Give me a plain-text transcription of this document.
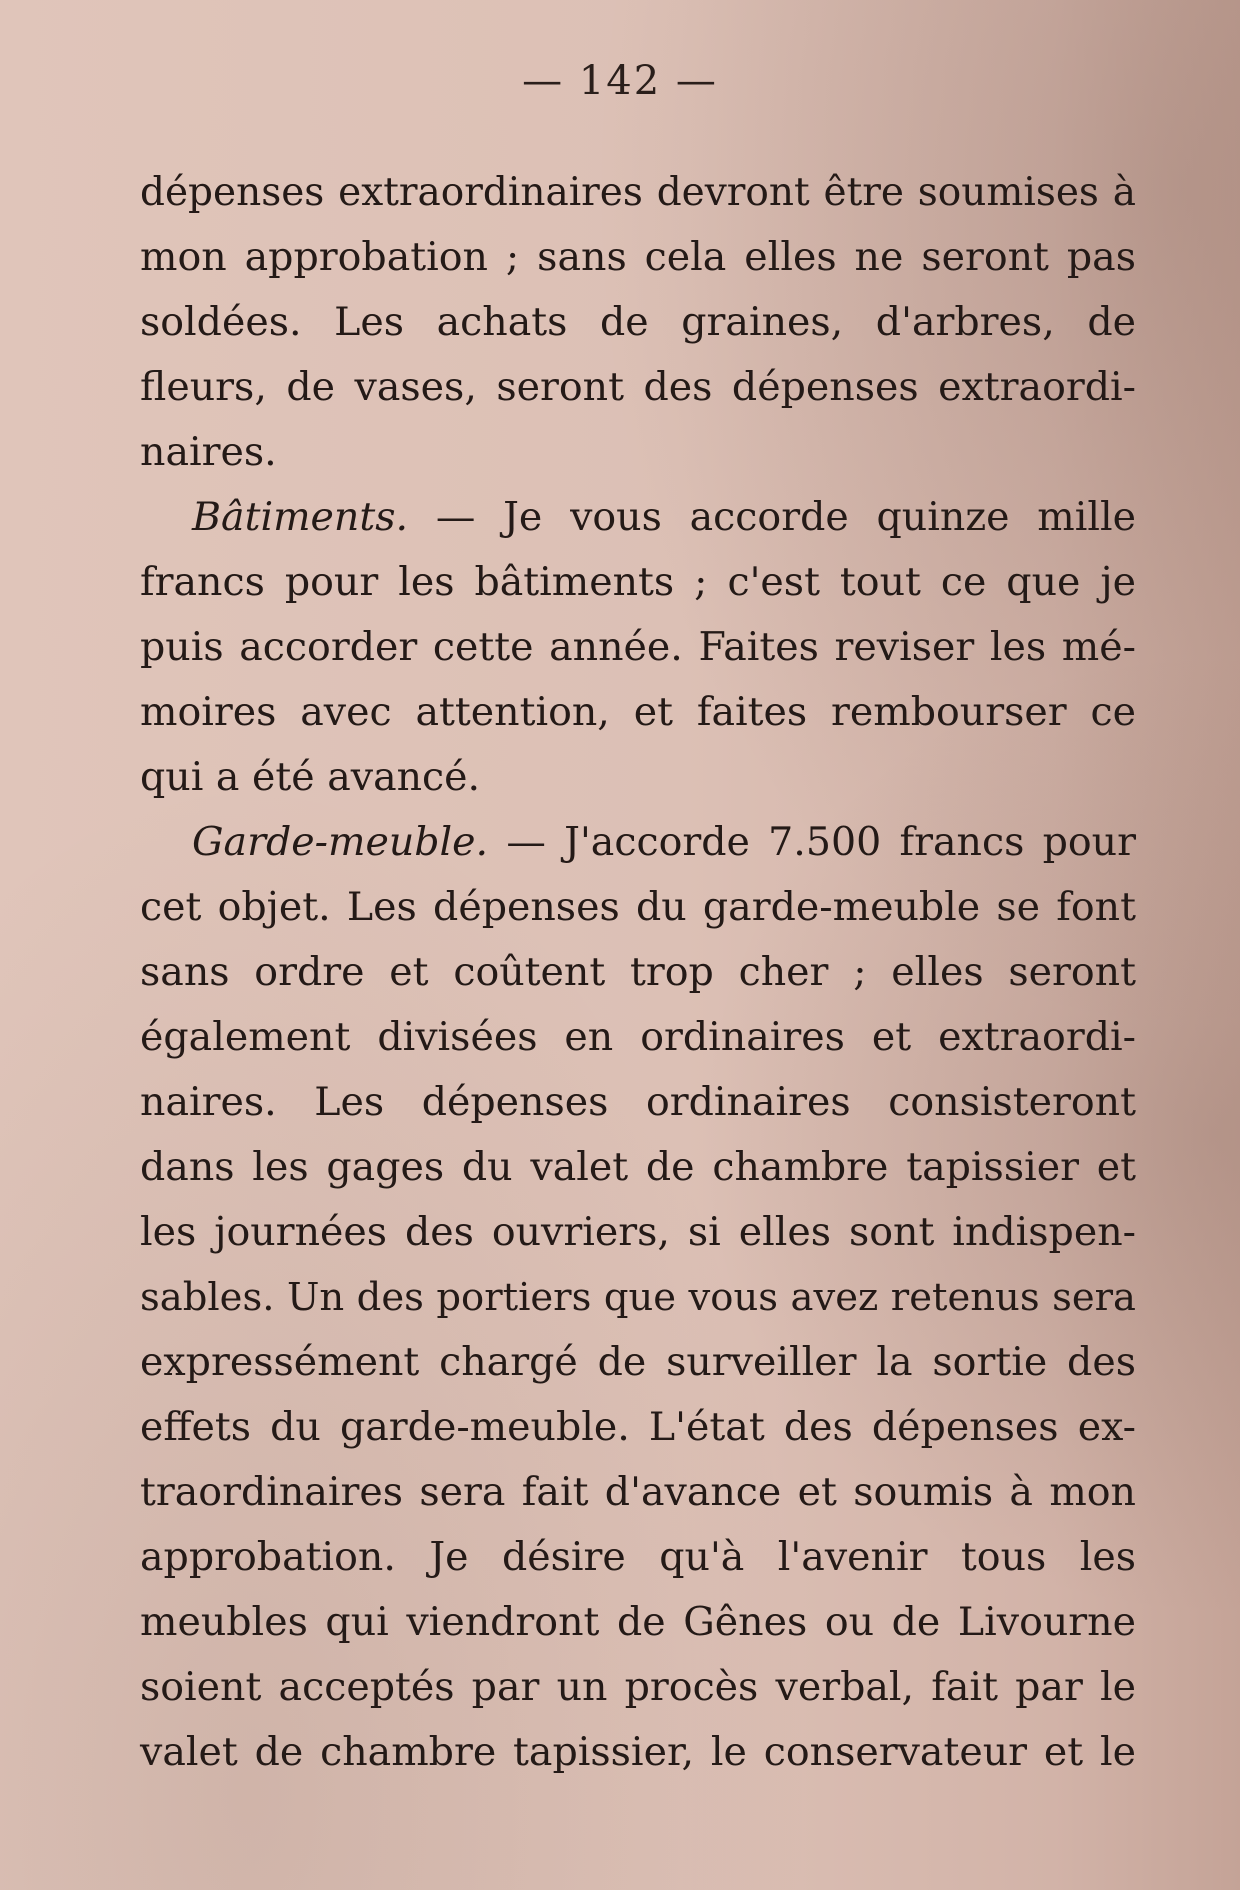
— 142 —
dépenses extraordinaires devront être soumises à
mon approbation ; sans cela elles ne seront pas
soldées. Les achats de graines, d'arbres, de
fleurs, de vases, seront des dépenses extraordi-
naires.
Bâtiments. — Je vous accorde quinze mille
francs pour les bâtiments ; c'est tout ce que je
puis accorder cette année. Faites reviser les mé-
moires avec attention, et faites rembourser ce
qui a été avancé.
Garde-meuble. — J'accorde 7.500 francs pour
cet objet. Les dépenses du garde-meuble se font
sans ordre et coûtent trop cher ; elles seront
également divisées en ordinaires et extraordi-
naires. Les dépenses ordinaires consisteront
dans les gages du valet de chambre tapissier et
les journées des ouvriers, si elles sont indispen-
sables. Un des portiers que vous avez retenus sera
expressément chargé de surveiller la sortie des
effets du garde-meuble. L'état des dépenses ex-
traordinaires sera fait d'avance et soumis à mon
approbation. Je désire qu'à l'avenir tous les
meubles qui viendront de Gênes ou de Livourne
soient acceptés par un procès verbal, fait par le
valet de chambre tapissier, le conservateur et le
